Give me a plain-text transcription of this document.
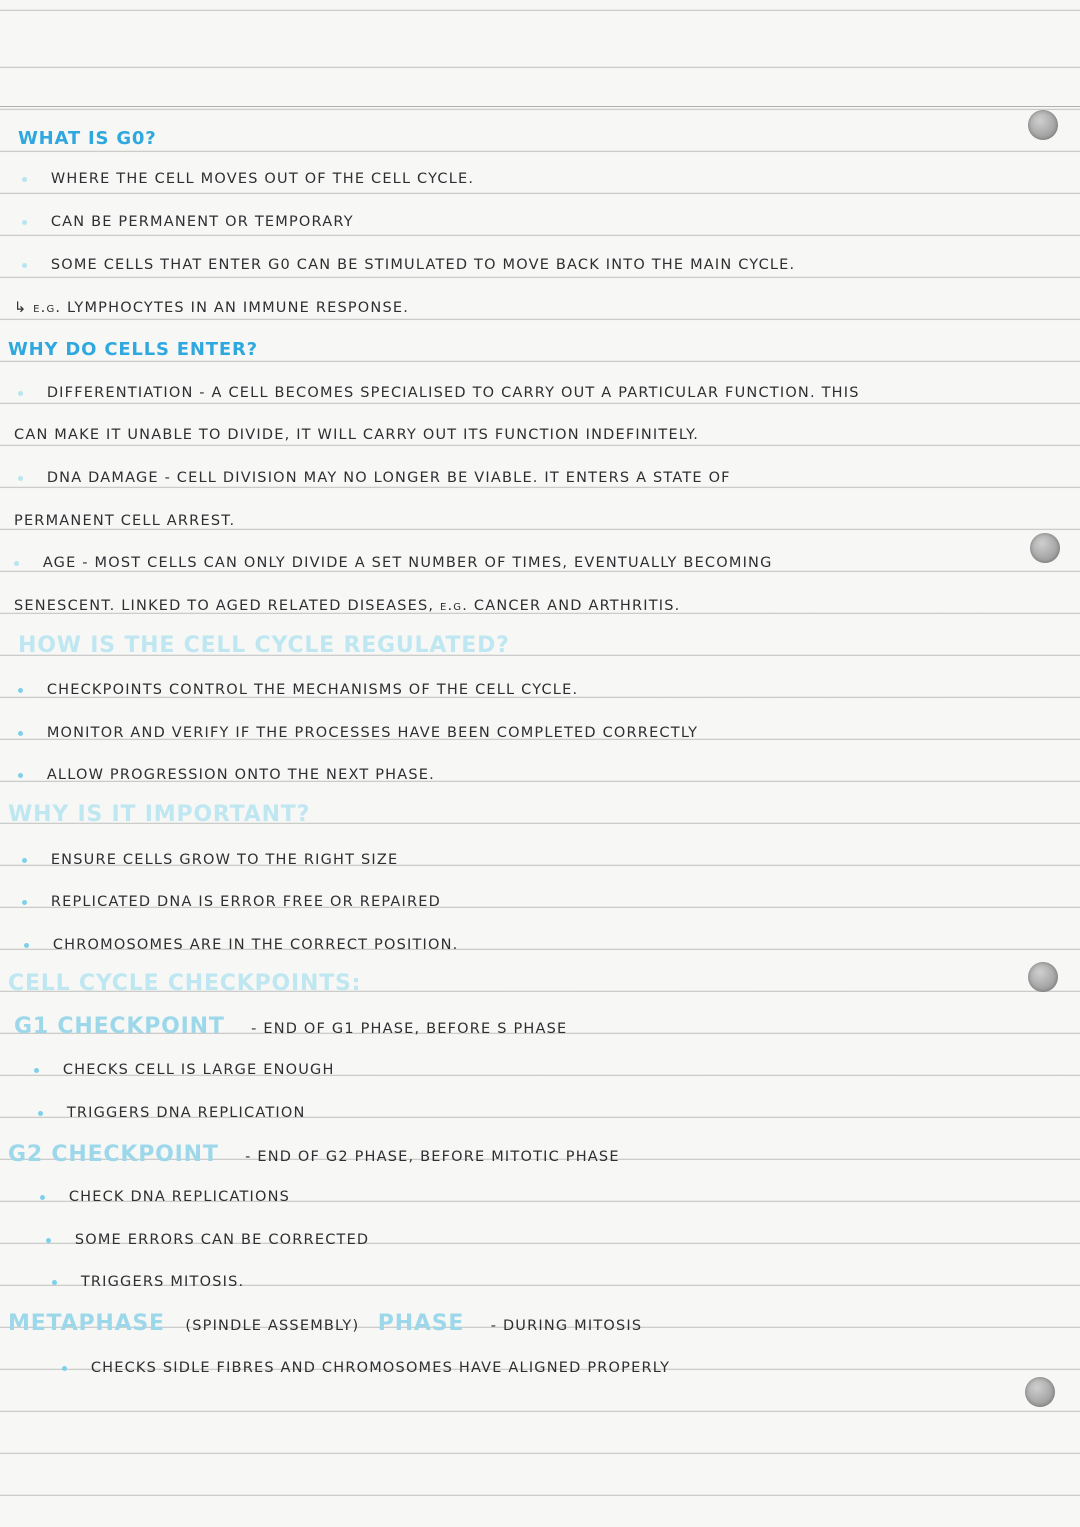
WHAT IS G0?
WHERE THE CELL MOVES OUT OF THE CELL CYCLE.
CAN BE PERMANENT OR TEMPORARY
SOME CELLS THAT ENTER G0 CAN BE STIMULATED TO MOVE BACK INTO THE MAIN CYCLE.
↳ e.g. LYMPHOCYTES IN AN IMMUNE RESPONSE.
WHY DO CELLS ENTER?
DIFFERENTIATION - A CELL BECOMES SPECIALISED TO CARRY OUT A PARTICULAR FUNCTION. THIS
CAN MAKE IT UNABLE TO DIVIDE, IT WILL CARRY OUT ITS FUNCTION INDEFINITELY.
DNA DAMAGE - CELL DIVISION MAY NO LONGER BE VIABLE. IT ENTERS A STATE OF
PERMANENT CELL ARREST.
AGE - MOST CELLS CAN ONLY DIVIDE A SET NUMBER OF TIMES, EVENTUALLY BECOMING
SENESCENT. LINKED TO AGED RELATED DISEASES, e.g. CANCER AND ARTHRITIS.
HOW IS THE CELL CYCLE REGULATED?
CHECKPOINTS CONTROL THE MECHANISMS OF THE CELL CYCLE.
MONITOR AND VERIFY IF THE PROCESSES HAVE BEEN COMPLETED CORRECTLY
ALLOW PROGRESSION ONTO THE NEXT PHASE.
WHY IS IT IMPORTANT?
ENSURE CELLS GROW TO THE RIGHT SIZE
REPLICATED DNA IS ERROR FREE OR REPAIRED
CHROMOSOMES ARE IN THE CORRECT POSITION.
CELL CYCLE CHECKPOINTS:
G1 CHECKPOINT - END OF G1 PHASE, BEFORE S PHASE
CHECKS CELL IS LARGE ENOUGH
TRIGGERS DNA REPLICATION
G2 CHECKPOINT - END OF G2 PHASE, BEFORE MITOTIC PHASE
CHECK DNA REPLICATIONS
SOME ERRORS CAN BE CORRECTED
TRIGGERS MITOSIS.
METAPHASE (SPINDLE ASSEMBLY) PHASE - DURING MITOSIS
CHECKS SIDLE FIBRES AND CHROMOSOMES HAVE ALIGNED PROPERLY
